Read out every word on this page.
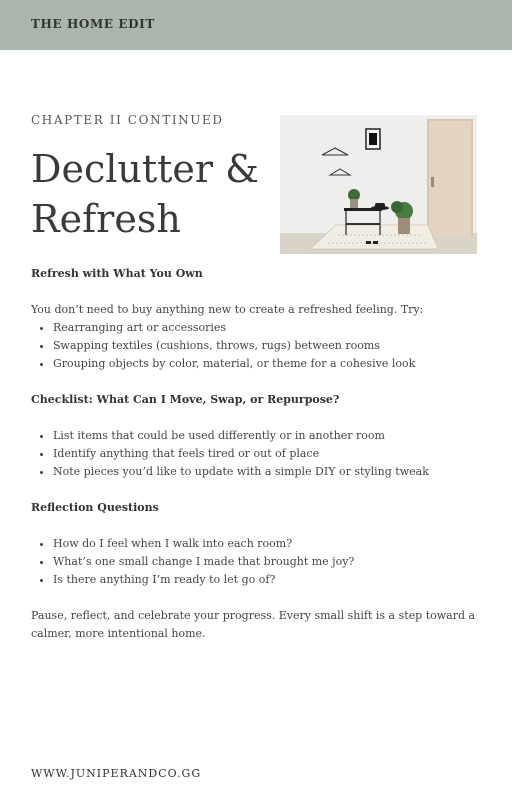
THE HOME EDIT
CHAPTER II CONTINUED
Declutter &
Refresh

Refresh with What You Own

You don’t need to buy anything new to create a refreshed feeling. Try:

• Rearranging art or accessories
• Swapping textiles (cushions, throws, rugs) between rooms
• Grouping objects by color, material, or theme for a cohesive look

Checklist: What Can I Move, Swap, or Repurpose?

• List items that could be used differently or in another room
• Identify anything that feels tired or out of place
• Note pieces you’d like to update with a simple DIY or styling tweak

Reflection Questions

• How do I feel when I walk into each room?
• What’s one small change I made that brought me joy?
• Is there anything I’m ready to let go of?

Pause, reflect, and celebrate your progress. Every small shift is a step toward a calmer, more intentional home.

WWW.JUNIPERANDCO.GG
